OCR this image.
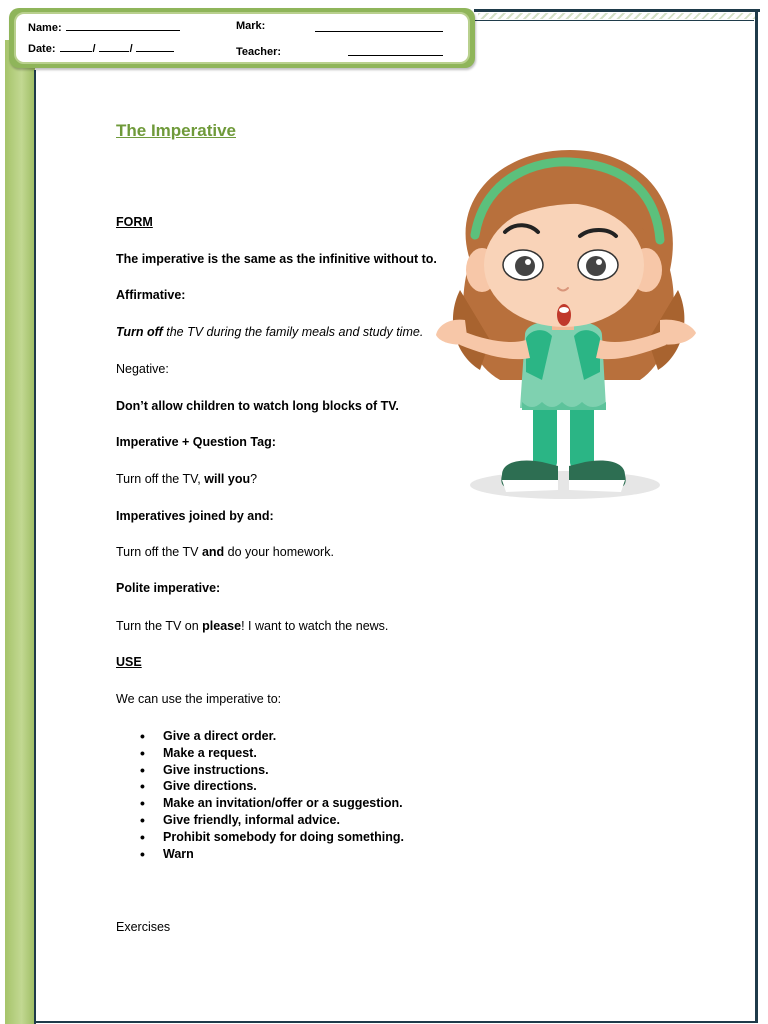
Name:
Date:	/	/
Mark:
Teacher:
The Imperative
FORM
The imperative is the same as the infinitive without to.
Affirmative:
Turn off the TV during the family meals and study time.
Negative:
Don’t allow children to watch long blocks of TV.
Imperative + Question Tag:
Turn off the TV, will you?
Imperatives joined by and:
Turn off the TV and do your homework.
Polite imperative:
Turn the TV on please! I want to watch the news.
USE
We can use the imperative to:
• Give a direct order.
• Make a request.
• Give instructions.
• Give directions.
• Make an invitation/offer or a suggestion.
• Give friendly, informal advice.
• Prohibit somebody for doing something.
• Warn
Exercises
